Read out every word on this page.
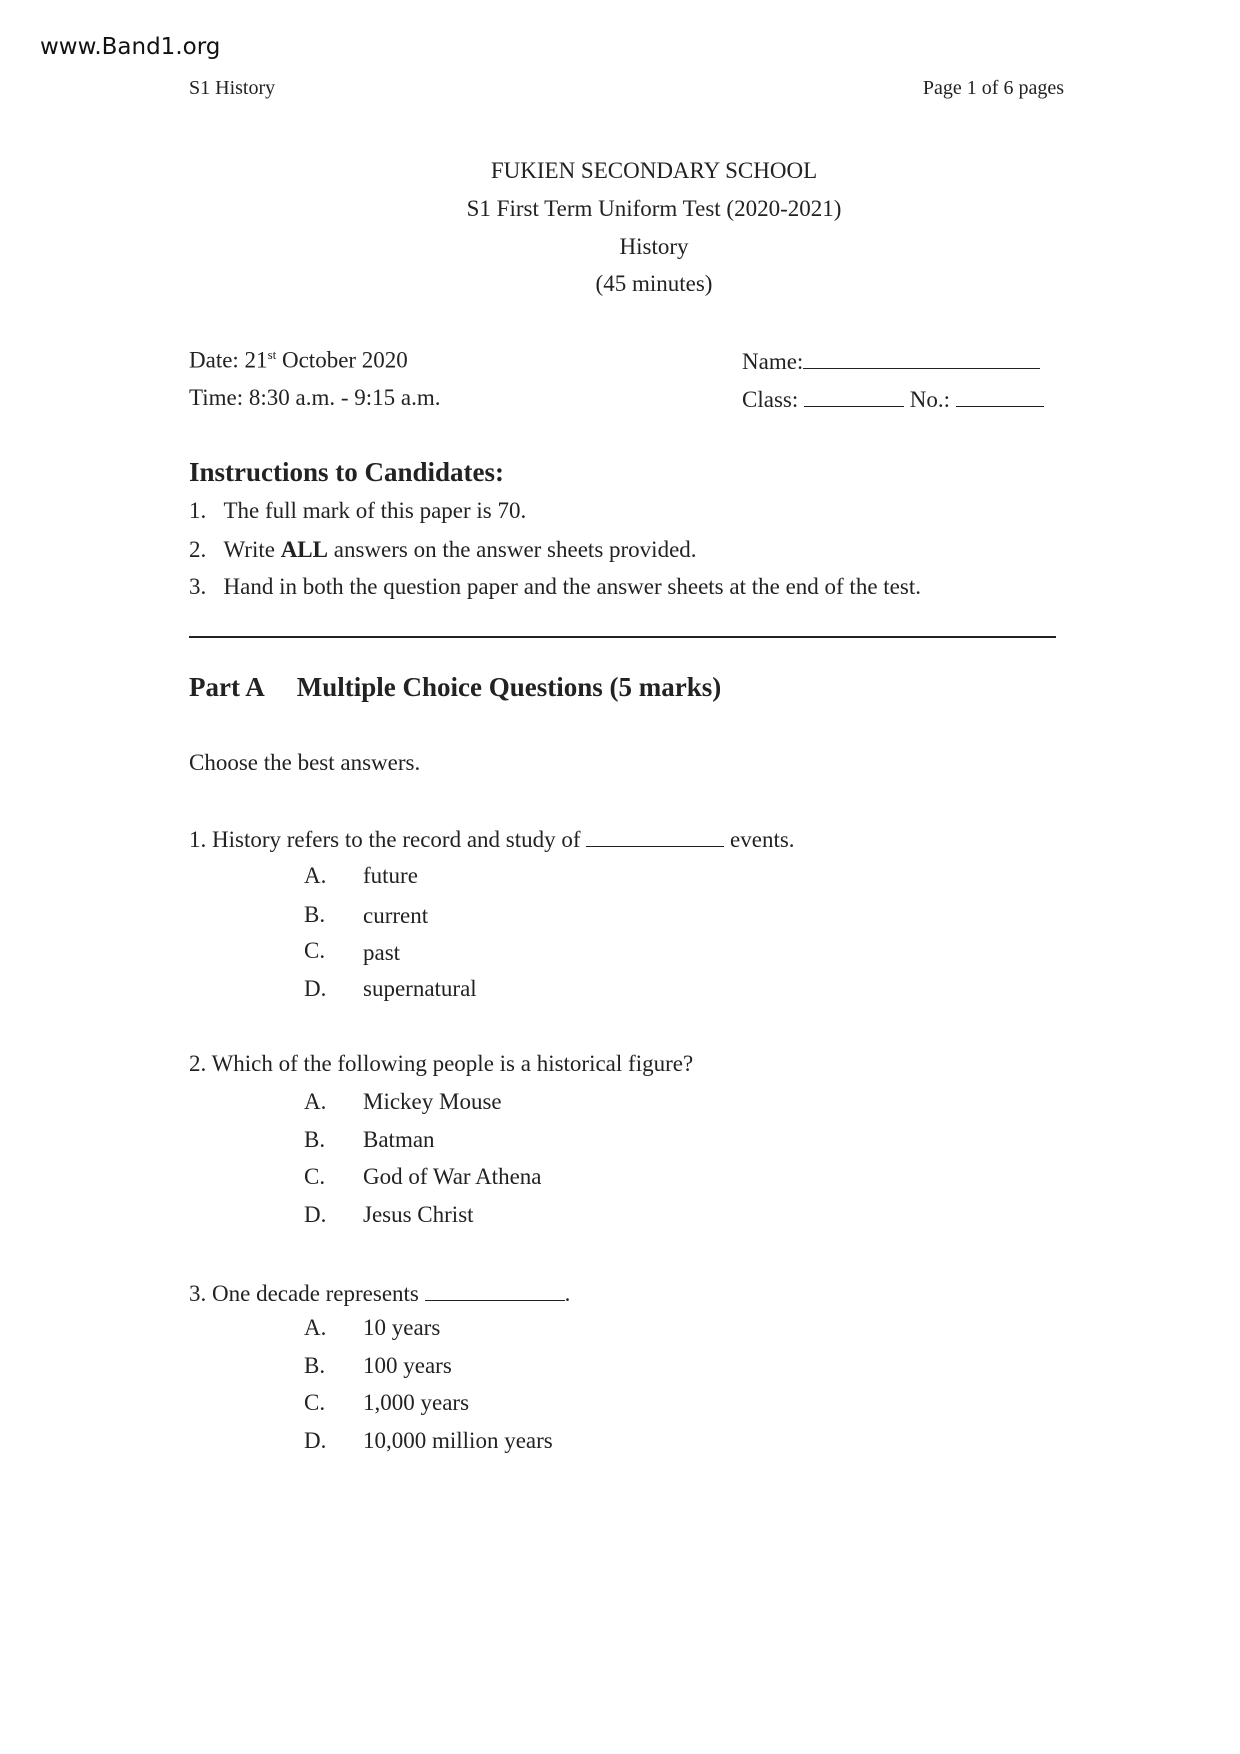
www.Band1.org
S1 History	Page 1 of 6 pages
FUKIEN SECONDARY SCHOOL
S1 First Term Uniform Test (2020-2021)
History
(45 minutes)
Date: 21st October 2020
Time: 8:30 a.m. - 9:15 a.m.
Name:
Class:	No.:
Instructions to Candidates:
1. The full mark of this paper is 70.
2. Write ALL answers on the answer sheets provided.
3. Hand in both the question paper and the answer sheets at the end of the test.
Part A Multiple Choice Questions (5 marks)
Choose the best answers.
1. History refers to the record and study of	events.
A. future
B. current
C. past
D. supernatural
2. Which of the following people is a historical figure?
A. Mickey Mouse
B. Batman
C. God of War Athena
D. Jesus Christ
3. One decade represents	.
A. 10 years
B. 100 years
C. 1,000 years
D. 10,000 million years
